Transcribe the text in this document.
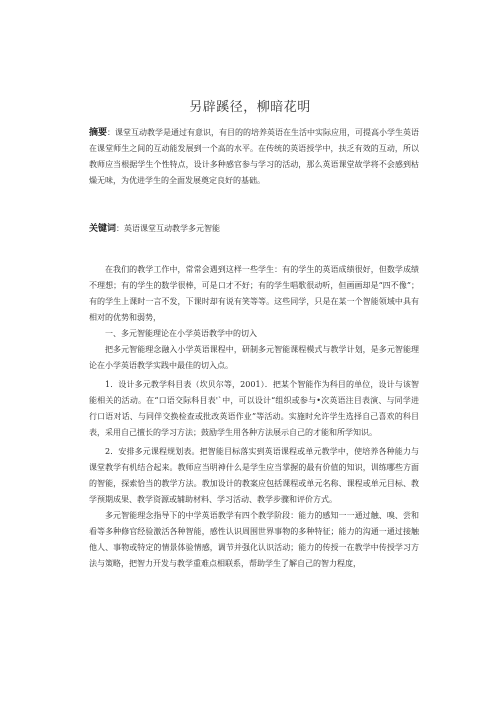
另辟蹊径，柳暗花明
摘要：课堂互动教学是通过有意识，有目的的培养英语在生活中实际应用，可提高小学生英语在课堂师生之间的互动能发展到一个高的水平。在传统的英语授学中，扶乏有效的互动，所以教师应当根据学生个性特点，设计多种感官参与学习的活动，那么英语课堂故学将不会感到枯燥无味，为优进学生的全面发展奠定良好的基础。
关键词：英语课堂互动教学多元智能

在我们的教学工作中，常常会遇到这样一些学生：有的学生的英语成绩很好，但数学成绩不理想；有的学生的数学很棒，可是口才不好；有的学生唱歌很动听，但画画却是“四不像”；有的学生上课时一言不发，下课时却有说有笑等等。这些同学，只是在某一个智能领域中具有相对的优势和弱势，

一、多元智能理论在小学英语教学中的切入

把多元智能理念融入小学英语课程中，研制多元智能课程模式与教学计划，是多元智能理论在小学英语教学实践中最佳的切入点。

1．设计多元教学科目表（坎贝尔等，2001）．把某个智能作为科目的单位，设计与该智能相关的活动。在“口语交际科目表'`中，可以设计“组织或参与•次英语注目表演、与同学进行口语对话、与同伴交换检查或批改英语作业”等活动。实施时允许学生选择自己喜欢的科目表，采用自己擅长的学习方法；鼓励学生用各种方法展示自己的才能和所学知识。

2．安排多元课程规划表。把智能目标落实到英语课程或单元教学中，使培养各种能力与课堂教学有机结合起来。教师应当明神什么是学生应当掌握的最有价值的知识，训练哪些方面的智能，探索恰当的教学方法。教加设计的教案应包括课程或单元名称、课程或单元目标、教学预期成果、教学资源或辅助材料、学习活动、教学步骤和评价方式。

多元智能理念指导下的中学英语教学有四个教学阶段：能力的感知一一通过触、嗅、尝和看等多种修官经验激活各种智能，感性认识周围世界事物的多种特征；能力的沟通一通过接触他人、事物或特定的情景体验情感，调节并强化认识活动；能力的传授一在教学中传授学习方法与策略，把智力开发与教学重难点相联系，帮助学生了解自己的智力程度，
